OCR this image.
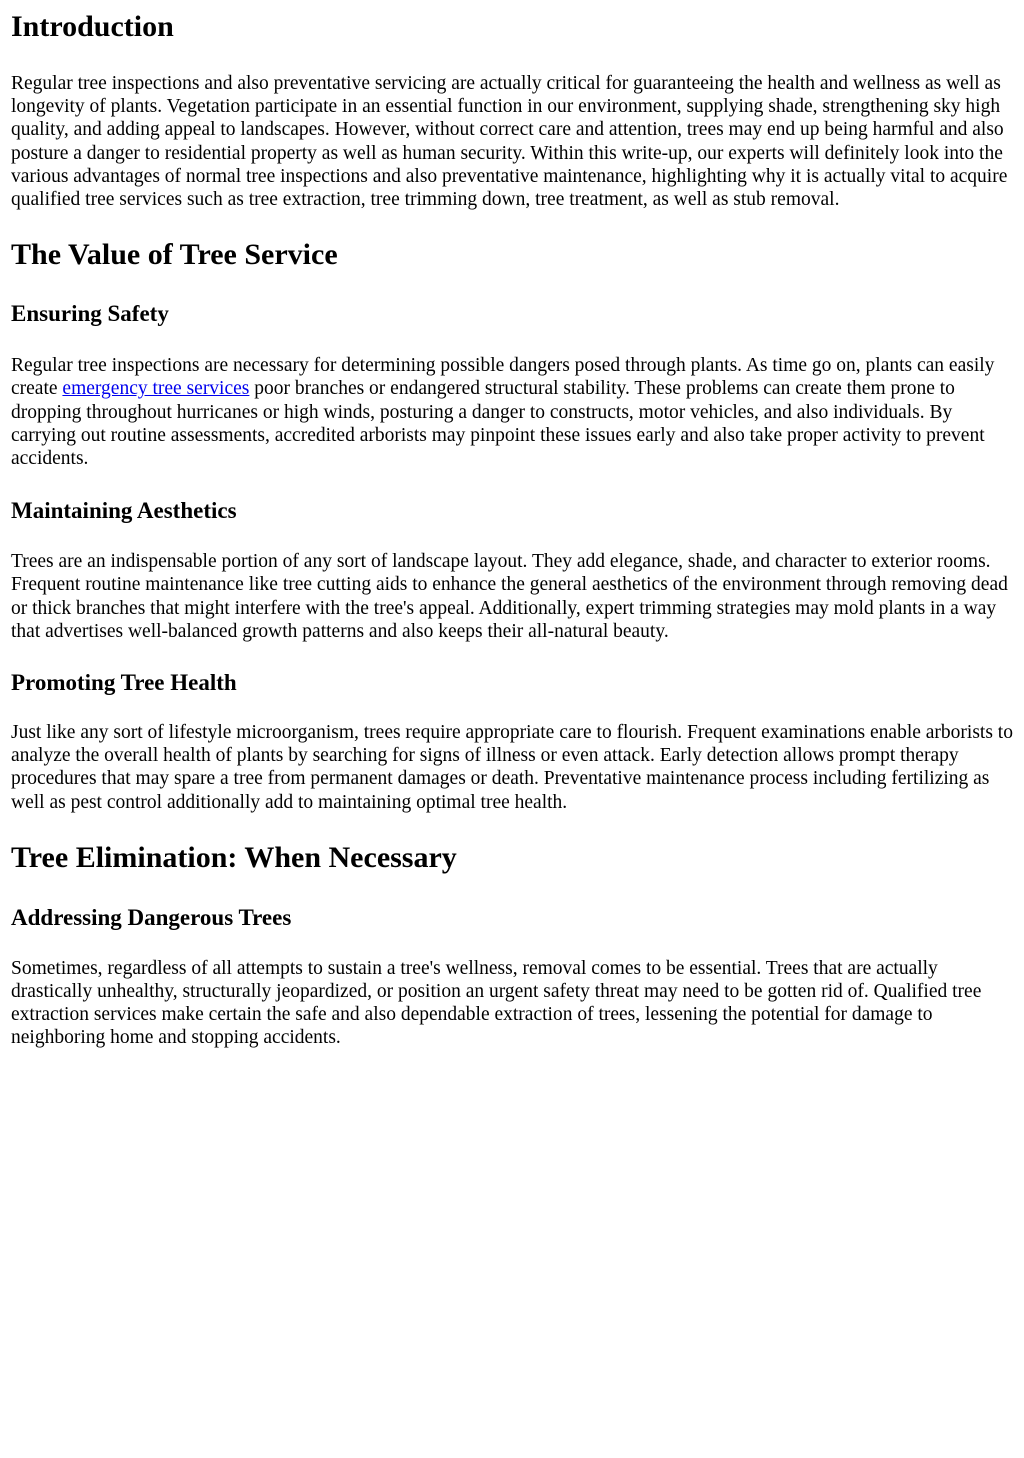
Introduction

Regular tree inspections and also preventative servicing are actually critical for guaranteeing the health and wellness as well as longevity of plants. Vegetation participate in an essential function in our environment, supplying shade, strengthening sky high quality, and adding appeal to landscapes. However, without correct care and attention, trees may end up being harmful and also posture a danger to residential property as well as human security. Within this write-up, our experts will definitely look into the various advantages of normal tree inspections and also preventative maintenance, highlighting why it is actually vital to acquire qualified tree services such as tree extraction, tree trimming down, tree treatment, as well as stub removal.

The Value of Tree Service
Ensuring Safety

Regular tree inspections are necessary for determining possible dangers posed through plants. As time go on, plants can easily create emergency tree services poor branches or endangered structural stability. These problems can create them prone to dropping throughout hurricanes or high winds, posturing a danger to constructs, motor vehicles, and also individuals. By carrying out routine assessments, accredited arborists may pinpoint these issues early and also take proper activity to prevent accidents.

Maintaining Aesthetics

Trees are an indispensable portion of any sort of landscape layout. They add elegance, shade, and character to exterior rooms. Frequent routine maintenance like tree cutting aids to enhance the general aesthetics of the environment through removing dead or thick branches that might interfere with the tree's appeal. Additionally, expert trimming strategies may mold plants in a way that advertises well-balanced growth patterns and also keeps their all-natural beauty.

Promoting Tree Health

Just like any sort of lifestyle microorganism, trees require appropriate care to flourish. Frequent examinations enable arborists to analyze the overall health of plants by searching for signs of illness or even attack. Early detection allows prompt therapy procedures that may spare a tree from permanent damages or death. Preventative maintenance process including fertilizing as well as pest control additionally add to maintaining optimal tree health.

Tree Elimination: When Necessary
Addressing Dangerous Trees

Sometimes, regardless of all attempts to sustain a tree's wellness, removal comes to be essential. Trees that are actually drastically unhealthy, structurally jeopardized, or position an urgent safety threat may need to be gotten rid of. Qualified tree extraction services make certain the safe and also dependable extraction of trees, lessening the potential for damage to neighboring home and stopping accidents.
